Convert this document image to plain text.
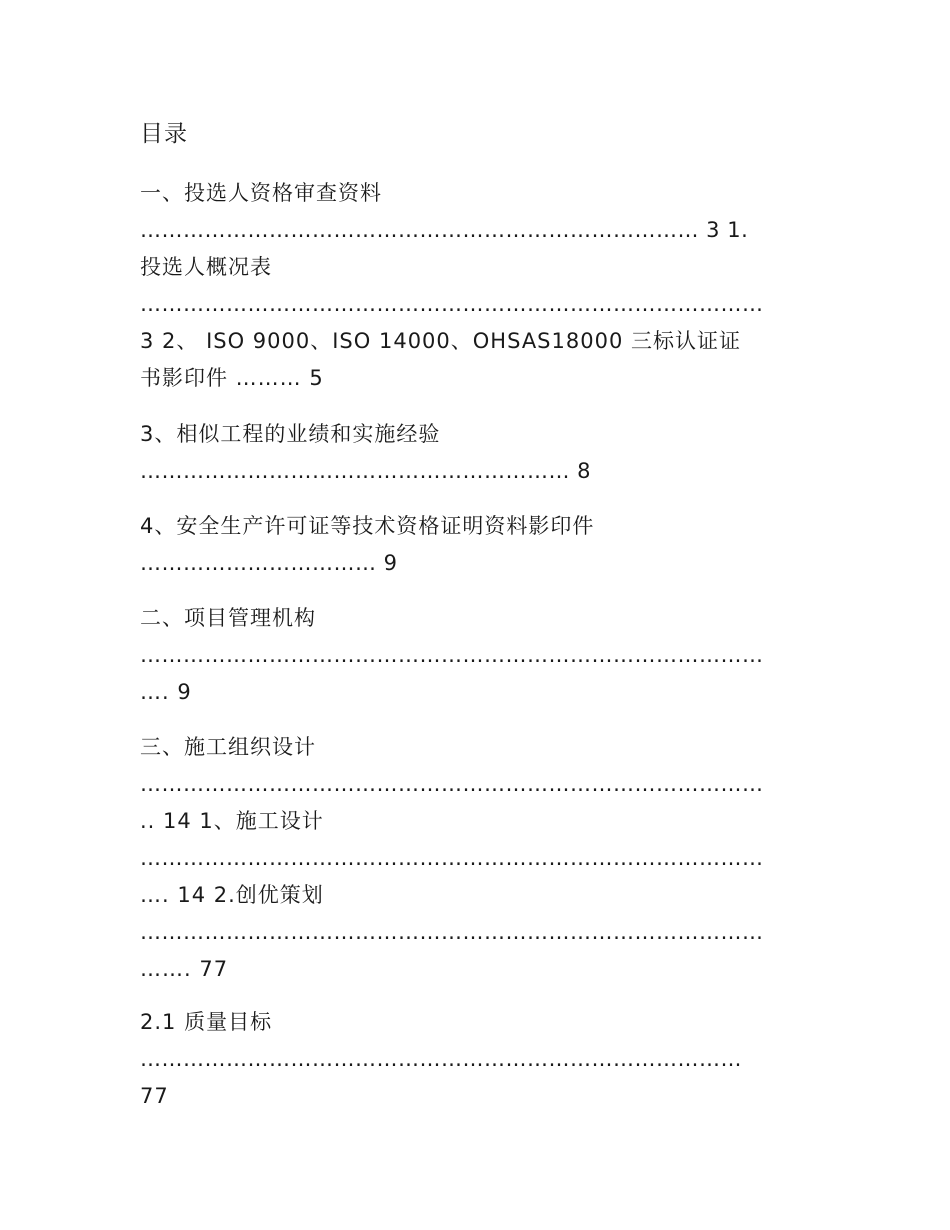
目录
一、投选人资格审查资料
…………………………………………………………………… 3 1.
投选人概况表
……………………………………………………………………………
3 2、 ISO 9000、ISO 14000、OHSAS18000 三标认证证
书影印件 ……… 5
3、相似工程的业绩和实施经验
…………………………………………………… 8
4、安全生产许可证等技术资格证明资料影印件
…………………………… 9
二、项目管理机构
……………………………………………………………………………
…. 9
三、施工组织设计
……………………………………………………………………………
.. 14 1、施工设计
……………………………………………………………………………
…. 14 2.创优策划
……………………………………………………………………………
……. 77
2.1 质量目标
…………………………………………………………………………
77
